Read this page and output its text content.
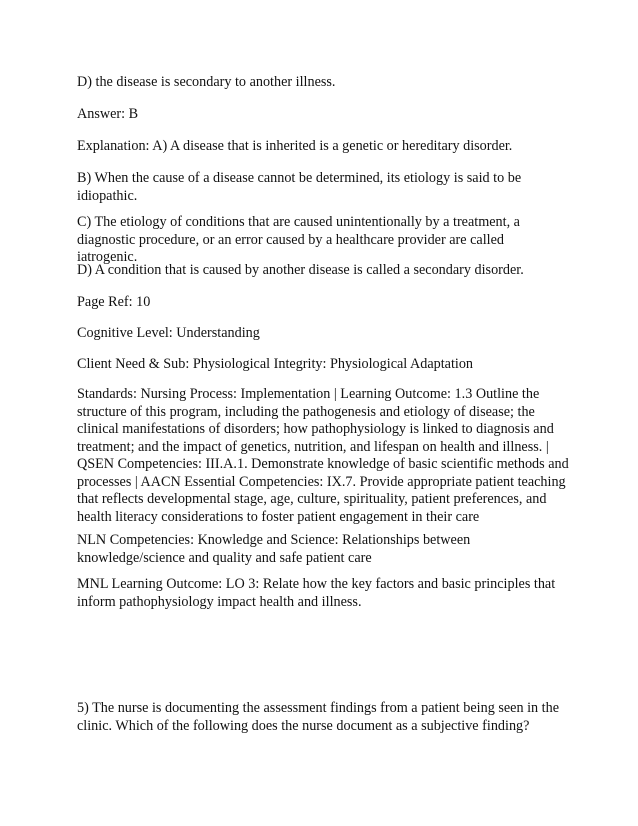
D) the disease is secondary to another illness.

Answer: B

Explanation: A) A disease that is inherited is a genetic or hereditary disorder.

B) When the cause of a disease cannot be determined, its etiology is said to be idiopathic.

C) The etiology of conditions that are caused unintentionally by a treatment, a diagnostic procedure, or an error caused by a healthcare provider are called iatrogenic.

D) A condition that is caused by another disease is called a secondary disorder.

Page Ref: 10

Cognitive Level: Understanding

Client Need & Sub: Physiological Integrity: Physiological Adaptation

Standards: Nursing Process: Implementation | Learning Outcome: 1.3 Outline the structure of this program, including the pathogenesis and etiology of disease; the clinical manifestations of disorders; how pathophysiology is linked to diagnosis and treatment; and the impact of genetics, nutrition, and lifespan on health and illness. | QSEN Competencies: III.A.1. Demonstrate knowledge of basic scientific methods and processes | AACN Essential Competencies: IX.7. Provide appropriate patient teaching that reflects developmental stage, age, culture, spirituality, patient preferences, and health literacy considerations to foster patient engagement in their care

NLN Competencies: Knowledge and Science: Relationships between knowledge/science and quality and safe patient care

MNL Learning Outcome: LO 3: Relate how the key factors and basic principles that inform pathophysiology impact health and illness.

5) The nurse is documenting the assessment findings from a patient being seen in the clinic. Which of the following does the nurse document as a subjective finding?
